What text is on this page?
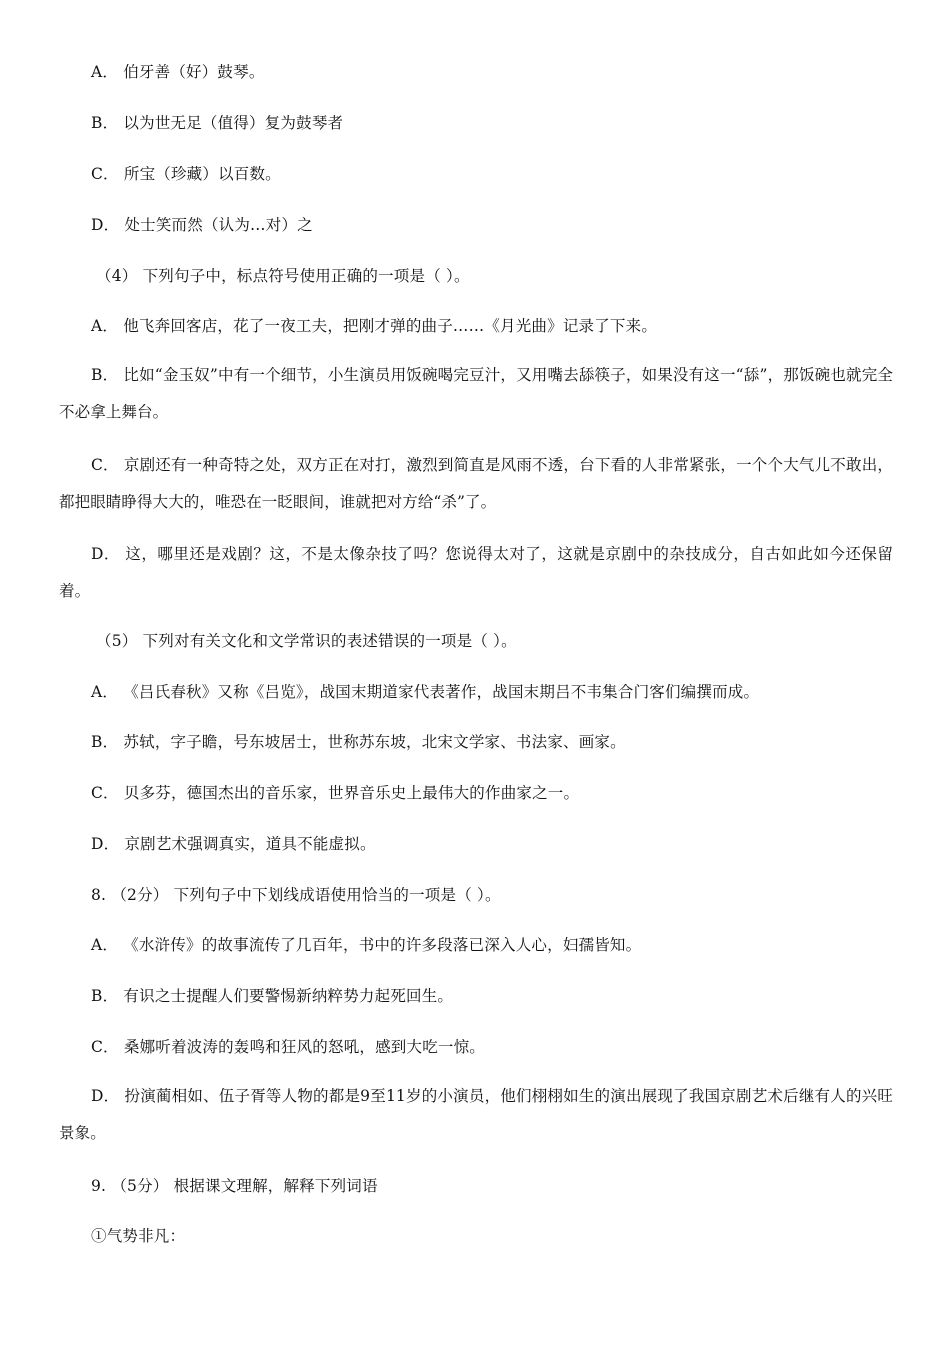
A． 伯牙善（好）鼓琴。
B． 以为世无足（值得）复为鼓琴者
C． 所宝（珍藏）以百数。
D． 处士笑而然（认为…对）之
（4） 下列句子中，标点符号使用正确的一项是（ ）。
A． 他飞奔回客店，花了一夜工夫，把刚才弹的曲子……《月光曲》记录了下来。
B． 比如“金玉奴”中有一个细节，小生演员用饭碗喝完豆汁，又用嘴去舔筷子，如果没有这一“舔”，那饭碗也就完全不必拿上舞台。
C． 京剧还有一种奇特之处，双方正在对打，激烈到简直是风雨不透，台下看的人非常紧张，一个个大气儿不敢出，都把眼睛睁得大大的，唯恐在一眨眼间，谁就把对方给“杀”了。
D． 这，哪里还是戏剧？这，不是太像杂技了吗？您说得太对了，这就是京剧中的杂技成分，自古如此如今还保留着。
（5） 下列对有关文化和文学常识的表述错误的一项是（ ）。
A． 《吕氏春秋》又称《吕览》，战国末期道家代表著作，战国末期吕不韦集合门客们编撰而成。
B． 苏轼，字子瞻，号东坡居士，世称苏东坡，北宋文学家、书法家、画家。
C． 贝多芬，德国杰出的音乐家，世界音乐史上最伟大的作曲家之一。
D． 京剧艺术强调真实，道具不能虚拟。
8. （2分） 下列句子中下划线成语使用恰当的一项是（ ）。
A． 《水浒传》的故事流传了几百年，书中的许多段落已深入人心，妇孺皆知。
B． 有识之士提醒人们要警惕新纳粹势力起死回生。
C． 桑娜听着波涛的轰鸣和狂风的怒吼，感到大吃一惊。
D． 扮演蔺相如、伍子胥等人物的都是9至11岁的小演员，他们栩栩如生的演出展现了我国京剧艺术后继有人的兴旺景象。
9. （5分） 根据课文理解，解释下列词语
①气势非凡：
